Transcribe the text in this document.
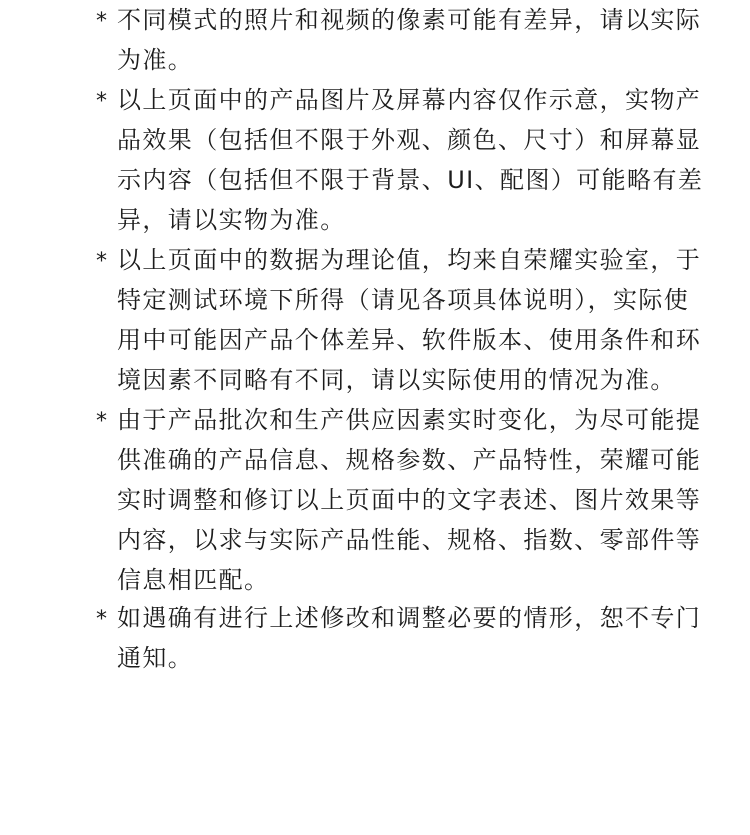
* 不同模式的照片和视频的像素可能有差异，请以实际
为准。
* 以上页面中的产品图片及屏幕内容仅作示意，实物产
品效果（包括但不限于外观、颜色、尺寸）和屏幕显
示内容（包括但不限于背景、UI、配图）可能略有差
异，请以实物为准。
* 以上页面中的数据为理论值，均来自荣耀实验室，于
特定测试环境下所得（请见各项具体说明），实际使
用中可能因产品个体差异、软件版本、使用条件和环
境因素不同略有不同，请以实际使用的情况为准。
* 由于产品批次和生产供应因素实时变化，为尽可能提
供准确的产品信息、规格参数、产品特性，荣耀可能
实时调整和修订以上页面中的文字表述、图片效果等
内容，以求与实际产品性能、规格、指数、零部件等
信息相匹配。
* 如遇确有进行上述修改和调整必要的情形，恕不专门
通知。
